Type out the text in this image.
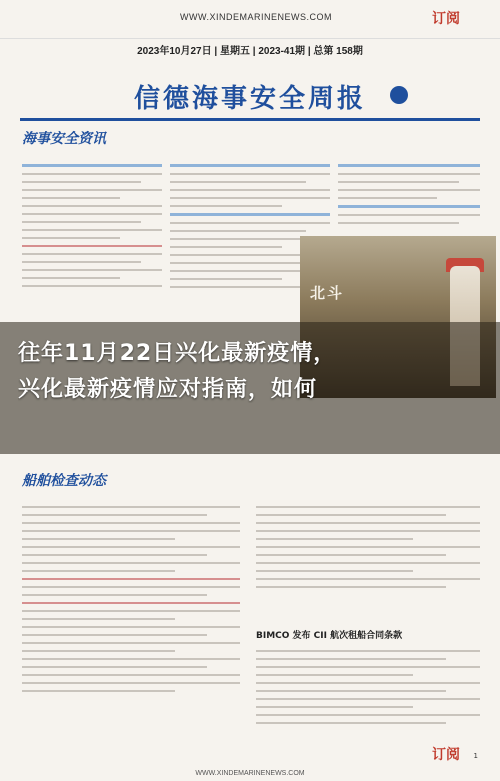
WWW.XINDEMARINENEWS.COM	订阅
2023年10月27日 | 星期五 | 2023-41期 | 总第 158期
信德海事安全周报
海事安全资讯
北斗
往年11月22日兴化最新疫情，
兴化最新疫情应对指南，如何
船舶检查动态
BIMCO 发布 CII 航次租船合同条款
1
订阅
WWW.XINDEMARINENEWS.COM
